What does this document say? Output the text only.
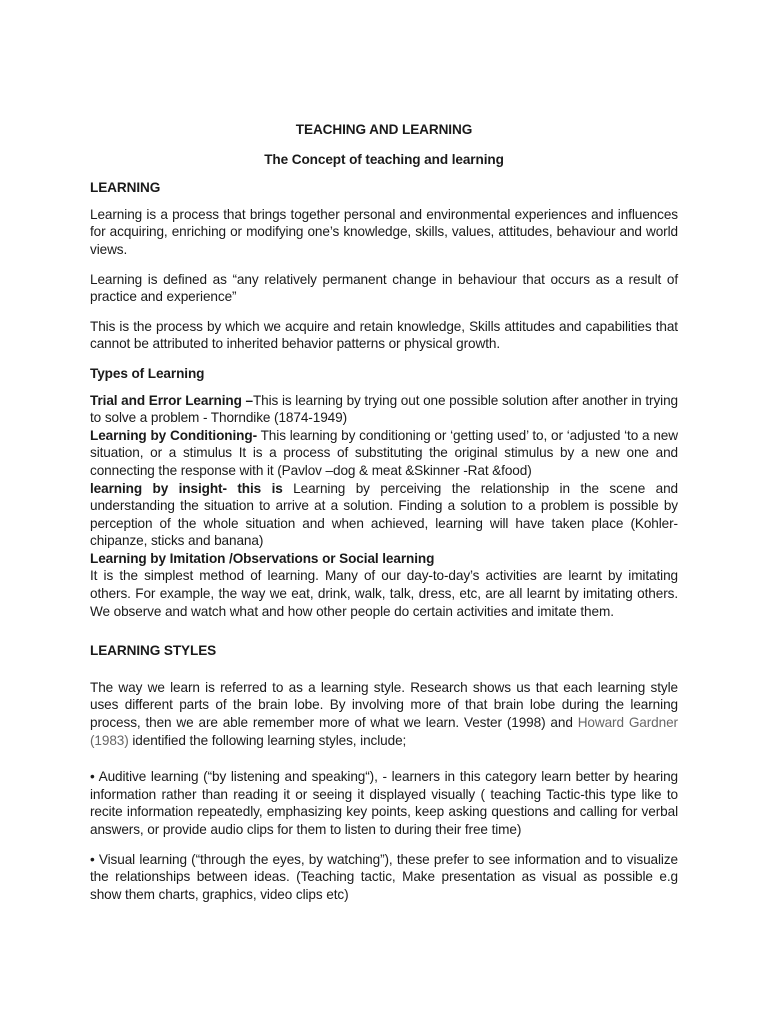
TEACHING AND LEARNING
The Concept of teaching and learning
LEARNING

Learning is a process that brings together personal and environmental experiences and influences for acquiring, enriching or modifying one’s knowledge, skills, values, attitudes, behaviour and world views.

Learning is defined as “any relatively permanent change in behaviour that occurs as a result of practice and experience”

This is the process by which we acquire and retain knowledge, Skills attitudes and capabilities that cannot be attributed to inherited behavior patterns or physical growth.

Types of Learning

Trial and Error Learning –This is learning by trying out one possible solution after another in trying to solve a problem - Thorndike (1874-1949)

Learning by Conditioning- This learning by conditioning or ‘getting used’ to, or ‘adjusted ‘to a new situation, or a stimulus It is a process of substituting the original stimulus by a new one and connecting the response with it (Pavlov –dog & meat &Skinner -Rat &food)

learning by insight- this is Learning by perceiving the relationship in the scene and understanding the situation to arrive at a solution. Finding a solution to a problem is possible by perception of the whole situation and when achieved, learning will have taken place (Kohler- chipanze, sticks and banana)

Learning by Imitation /Observations or Social learning

It is the simplest method of learning. Many of our day-to-day’s activities are learnt by imitating others. For example, the way we eat, drink, walk, talk, dress, etc, are all learnt by imitating others. We observe and watch what and how other people do certain activities and imitate them.

LEARNING STYLES

The way we learn is referred to as a learning style. Research shows us that each learning style uses different parts of the brain lobe. By involving more of that brain lobe during the learning process, then we are able remember more of what we learn. Vester (1998) and Howard Gardner (1983) identified the following learning styles, include;

• Auditive learning (“by listening and speaking“), - learners in this category learn better by hearing information rather than reading it or seeing it displayed visually ( teaching Tactic-this type like to recite information repeatedly, emphasizing key points, keep asking questions and calling for verbal answers, or provide audio clips for them to listen to during their free time)

• Visual learning (“through the eyes, by watching”), these prefer to see information and to visualize the relationships between ideas. (Teaching tactic, Make presentation as visual as possible e.g show them charts, graphics, video clips etc)
